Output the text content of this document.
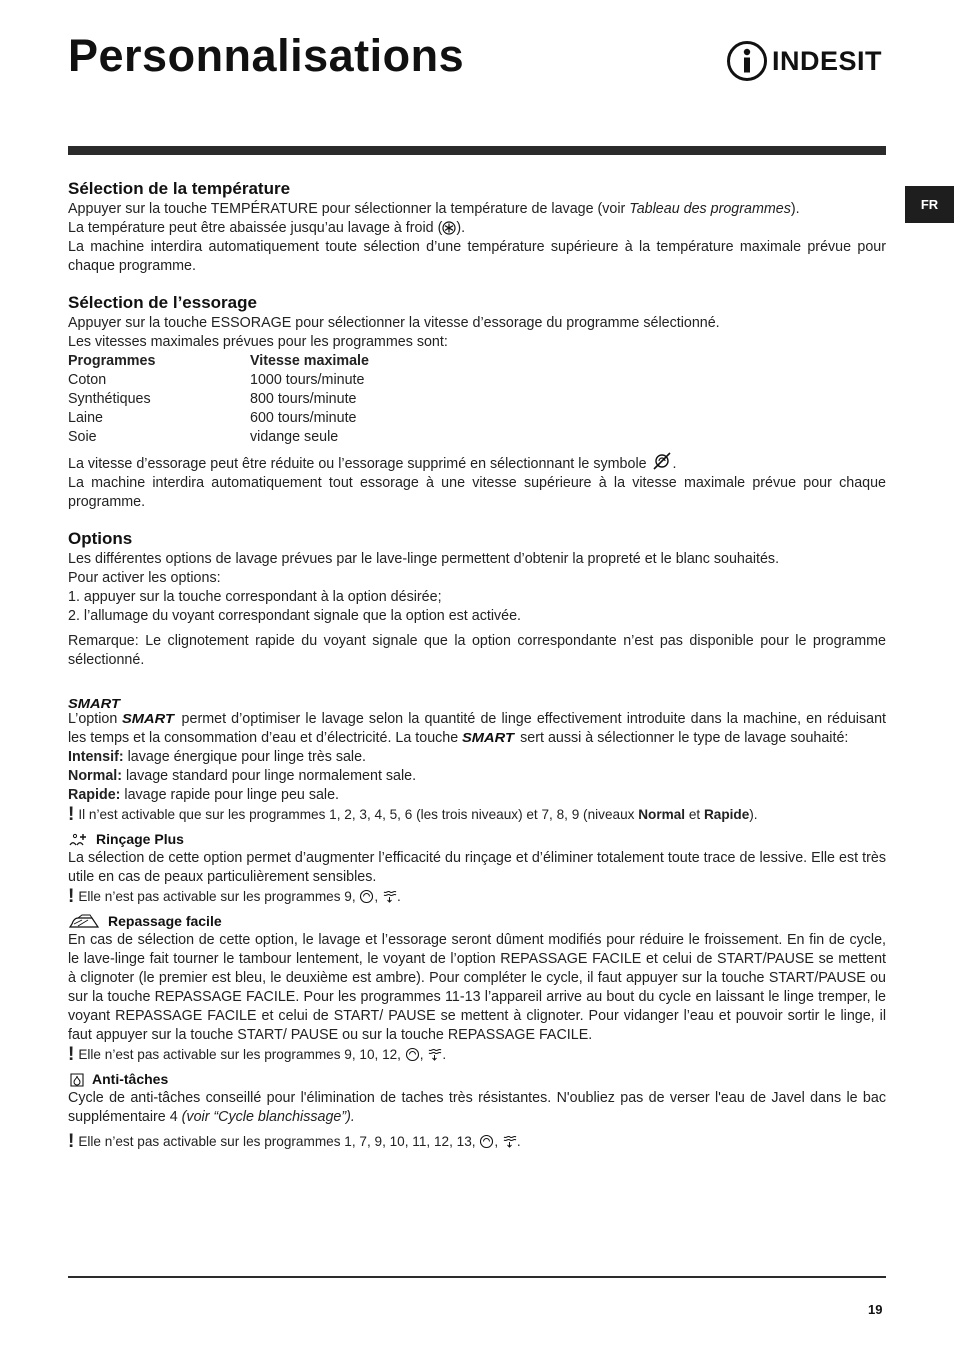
Personnalisations	INDESIT
FR
Sélection de la température

Appuyer sur la touche TEMPÉRATURE pour sélectionner la température de lavage (voir Tableau des programmes).

La température peut être abaissée jusqu’au lavage à froid ( ).

La machine interdira automatiquement toute sélection d’une température supérieure à la température maximale prévue pour chaque programme.

Sélection de l’essorage

Appuyer sur la touche ESSORAGE pour sélectionner la vitesse d’essorage du programme sélectionné.

Les vitesses maximales prévues pour les programmes sont:

Programmes	Vitesse maximale
Coton	1000 tours/minute
Synthétiques	800 tours/minute
Laine	600 tours/minute
Soie	vidange seule

La vitesse d’essorage peut être réduite ou l’essorage supprimé en sélectionnant le symbole .

La machine interdira automatiquement tout essorage à une vitesse supérieure à la vitesse maximale prévue pour chaque programme.

Options

Les différentes options de lavage prévues par le lave-linge permettent d’obtenir la propreté et le blanc souhaités.

Pour activer les options:

1. appuyer sur la touche correspondant à la option désirée;

2. l’allumage du voyant correspondant signale que la option est activée.

Remarque: Le clignotement rapide du voyant signale que la option correspondante n’est pas disponible pour le programme sélectionné.

SMART

L’option SMART permet d’optimiser le lavage selon la quantité de linge effectivement introduite dans la machine, en réduisant les temps et la consommation d’eau et d’électricité. La touche SMART sert aussi à sélectionner le type de lavage souhaité:

Intensif: lavage énergique pour linge très sale.

Normal: lavage standard pour linge normalement sale.

Rapide: lavage rapide pour linge peu sale.

! Il n’est activable que sur les programmes 1, 2, 3, 4, 5, 6 (les trois niveaux) et 7, 8, 9 (niveaux Normal et Rapide).

Rinçage Plus

La sélection de cette option permet d’augmenter l’efficacité du rinçage et d’éliminer totalement toute trace de lessive. Elle est très utile en cas de peaux particulièrement sensibles.

! Elle n’est pas activable sur les programmes 9, , .

Repassage facile

En cas de sélection de cette option, le lavage et l’essorage seront dûment modifiés pour réduire le froissement. En fin de cycle, le lave-linge fait tourner le tambour lentement, le voyant de l’option REPASSAGE FACILE et celui de START/PAUSE se mettent à clignoter (le premier est bleu, le deuxième est ambre). Pour compléter le cycle, il faut appuyer sur la touche START/PAUSE ou sur la touche REPASSAGE FACILE. Pour les programmes 11-13 l’appareil arrive au bout du cycle en laissant le linge tremper, le voyant REPASSAGE FACILE et celui de START/ PAUSE se mettent à clignoter. Pour vidanger l’eau et pouvoir sortir le linge, il faut appuyer sur la touche START/ PAUSE ou sur la touche REPASSAGE FACILE.

! Elle n’est pas activable sur les programmes 9, 10, 12, , .

Anti-tâches

Cycle de anti-tâches conseillé pour l'élimination de taches très résistantes. N'oubliez pas de verser l'eau de Javel dans le bac supplémentaire 4 (voir “Cycle blanchissage”).

! Elle n’est pas activable sur les programmes 1, 7, 9, 10, 11, 12, 13, , .

19
